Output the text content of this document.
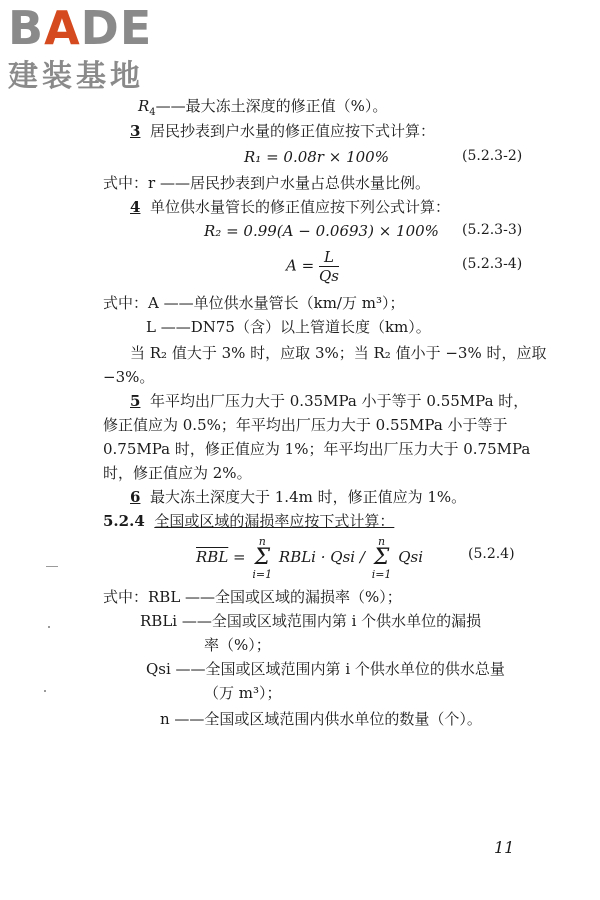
BADE
建装基地
$R_4——$最大冻土深度的修正值（%）。
3 居民抄表到户水量的修正值应按下式计算：
R₁ = 0.08r × 100%	(5.2.3-2)
式中：r ——居民抄表到户水量占总供水量比例。
4 单位供水量管长的修正值应按下列公式计算：
R₂ = 0.99(A − 0.0693) × 100% (5.2.3-3)
$A = \frac{L}{Qs}$	(5.2.3-4)
式中：A ——单位供水量管长（km/万 m³）；
L ——DN75（含）以上管道长度（km）。
当 R₂ 值大于 3% 时，应取 3%；当 R₂ 值小于 −3% 时，应取
−3%。
5 年平均出厂压力大于 0.35MPa 小于等于 0.55MPa 时，
修正值应为 0.5%；年平均出厂压力大于 0.55MPa 小于等于
0.75MPa 时，修正值应为 1%；年平均出厂压力大于 0.75MPa
时，修正值应为 2%。
6 最大冻土深度大于 1.4m 时，修正值应为 1%。
5.2.4 全国或区域的漏损率应按下式计算：
$\overline{RBL} = n$
Σ
i=1 RBLi · Qsi / n
Σ
i=1 Qsi	(5.2.4)
式中：RBL ——全国或区域的漏损率（%）；
RBLi ——全国或区域范围内第 i 个供水单位的漏损
率（%）；
Qsi ——全国或区域范围内第 i 个供水单位的供水总量
（万 m³）；
n ——全国或区域范围内供水单位的数量（个）。
11
